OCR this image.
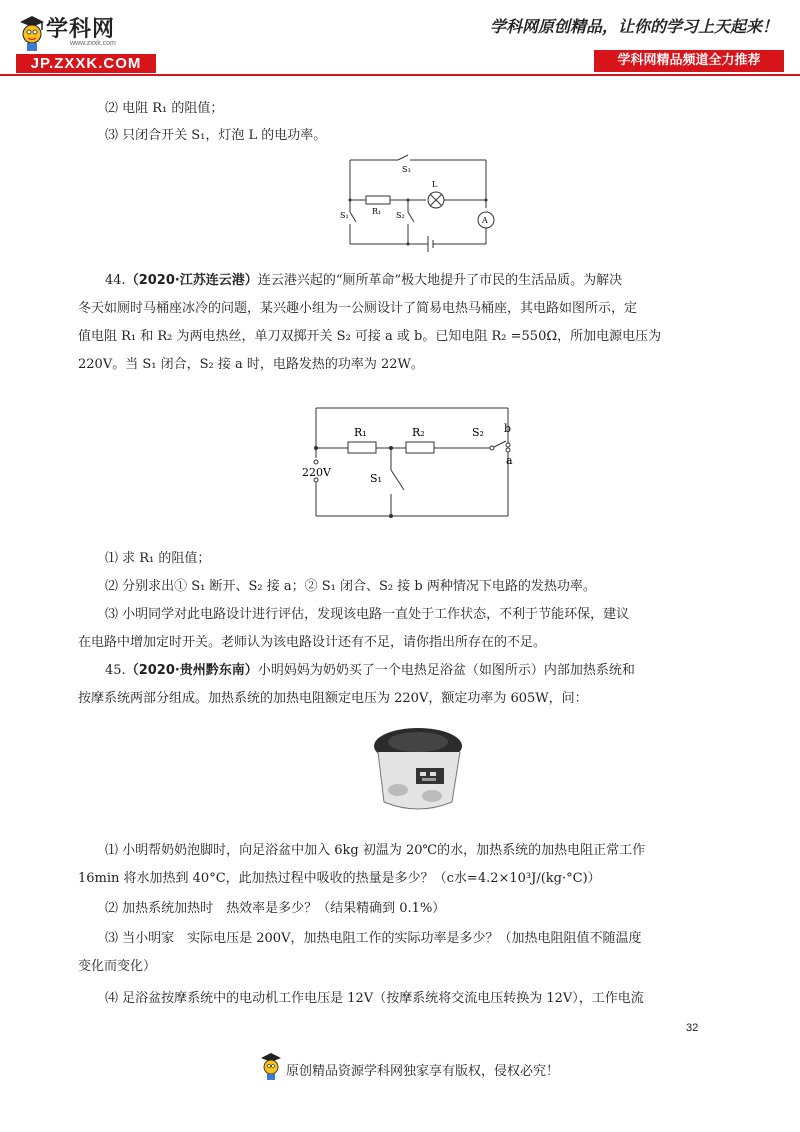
学科网
www.zxxk.com
JP.ZXXK.COM
学科网原创精品，让你的学习上天起来！
学科网精品频道全力推荐
⑵ 电阻 R₁ 的阻值；
⑶ 只闭合开关 S₁，灯泡 L 的电功率。
S₃
L
S₁	R₁ S₂
A
44.（2020·江苏连云港）连云港兴起的“厕所革命”极大地提升了市民的生活品质。为解决
冬天如厕时马桶座冰冷的问题，某兴趣小组为一公厕设计了简易电热马桶座，其电路如图所示，定
值电阻 R₁ 和 R₂ 为两电热丝，单刀双掷开关 S₂ 可接 a 或 b。已知电阻 R₂ =550Ω，所加电源电压为
220V。当 S₁ 闭合，S₂ 接 a 时，电路发热的功率为 22W。
R₁	R₂	S₂ b
a
220V	S₁
⑴ 求 R₁ 的阻值；
⑵ 分别求出① S₁ 断开、S₂ 接 a；② S₁ 闭合、S₂ 接 b 两种情况下电路的发热功率。
⑶ 小明同学对此电路设计进行评估，发现该电路一直处于工作状态，不利于节能环保，建议
在电路中增加定时开关。老师认为该电路设计还有不足，请你指出所存在的不足。
45.（2020·贵州黔东南）小明妈妈为奶奶买了一个电热足浴盆（如图所示）内部加热系统和
按摩系统两部分组成。加热系统的加热电阻额定电压为 220V，额定功率为 605W，问：
⑴ 小明帮奶奶泡脚时，向足浴盆中加入 6kg 初温为 20℃的水，加热系统的加热电阻正常工作
16min 将水加热到 40°C，此加热过程中吸收的热量是多少？（c水=4.2×10³J/(kg·°C)）
⑵ 加热系统加热时　热效率是多少？（结果精确到 0.1%）
⑶ 当小明家　实际电压是 200V，加热电阻工作的实际功率是多少？（加热电阻阻值不随温度
变化而变化）
⑷ 足浴盆按摩系统中的电动机工作电压是 12V（按摩系统将交流电压转换为 12V），工作电流
32
原创精品资源学科网独家享有版权，侵权必究！
